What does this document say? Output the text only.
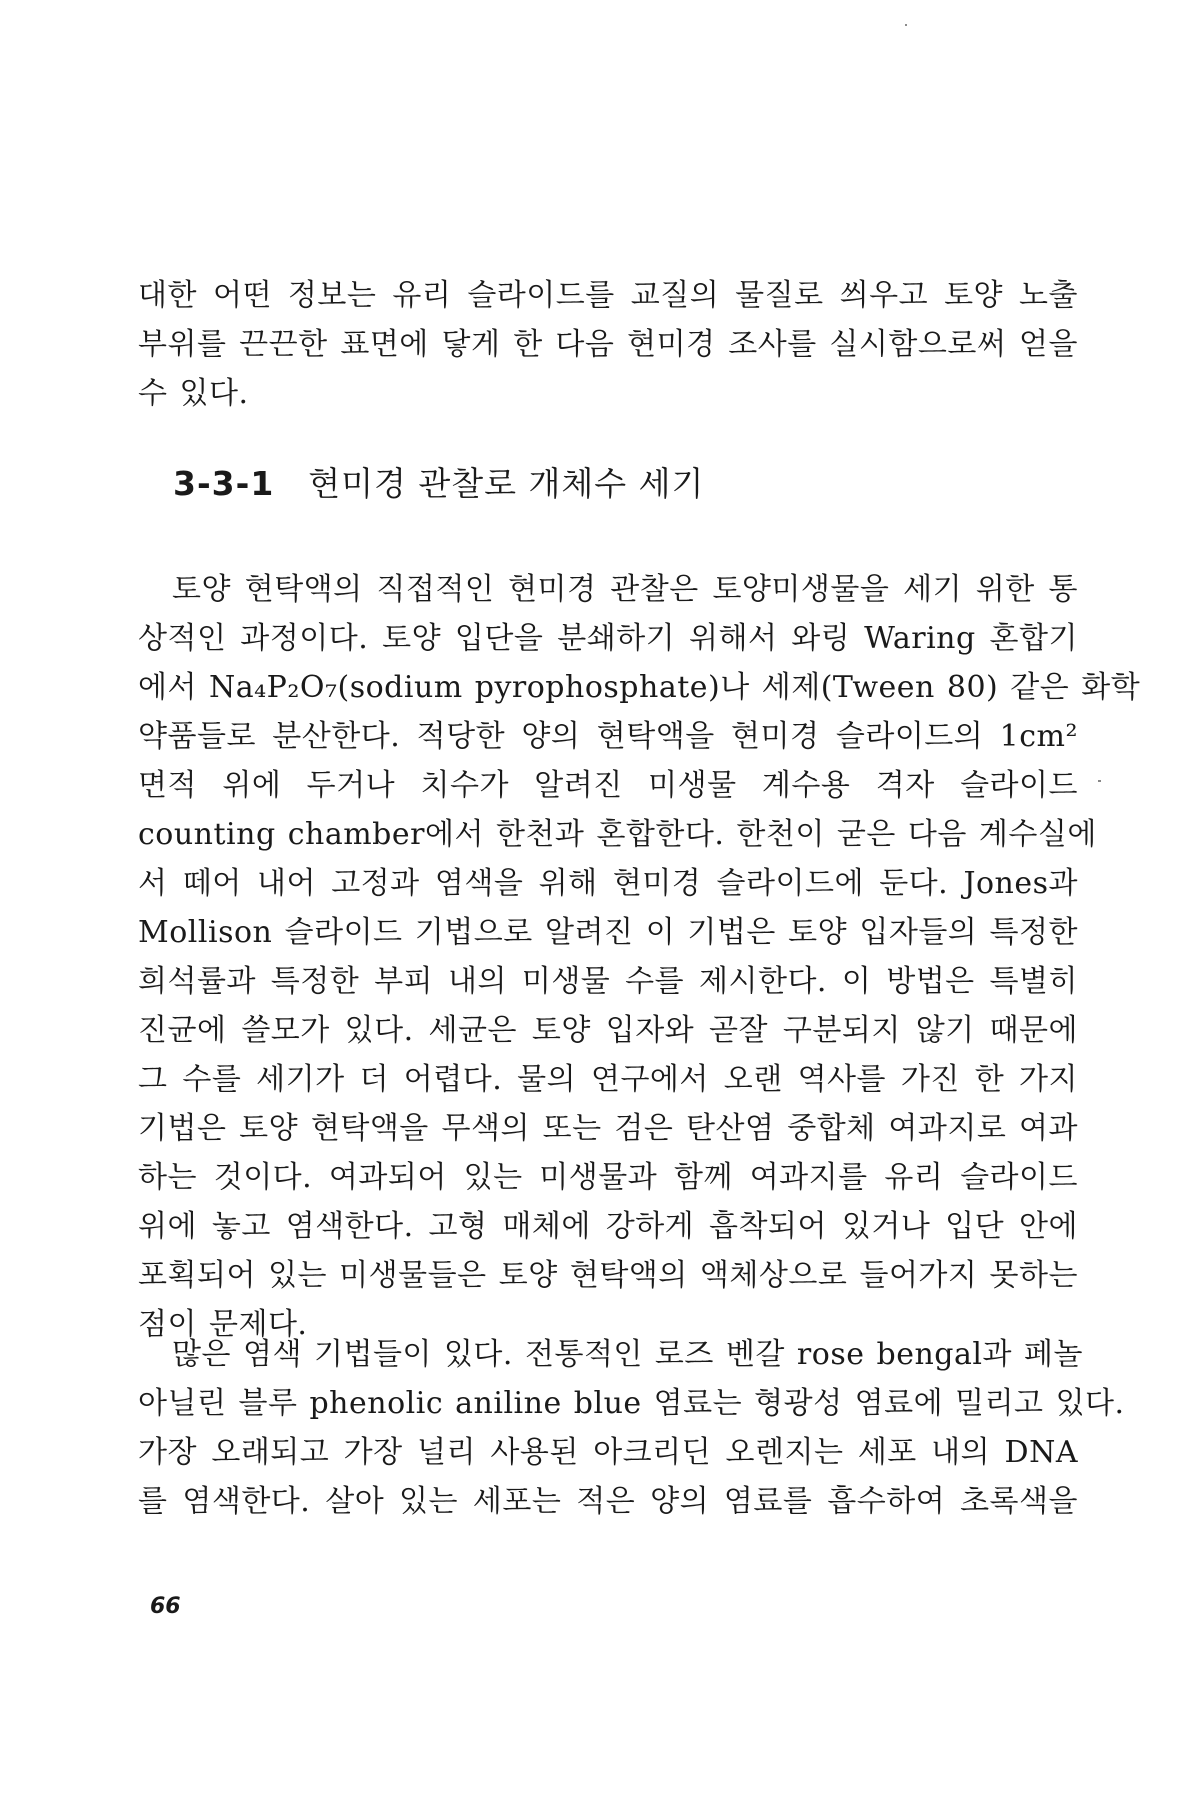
대한 어떤 정보는 유리 슬라이드를 교질의 물질로 씌우고 토양 노출
부위를 끈끈한 표면에 닿게 한 다음 현미경 조사를 실시함으로써 얻을
수 있다.
3-3-1 현미경 관찰로 개체수 세기
토양 현탁액의 직접적인 현미경 관찰은 토양미생물을 세기 위한 통
상적인 과정이다. 토양 입단을 분쇄하기 위해서 와링 Waring 혼합기
에서 Na₄P₂O₇(sodium pyrophosphate)나 세제(Tween 80) 같은 화학
약품들로 분산한다. 적당한 양의 현탁액을 현미경 슬라이드의 1cm²
면적 위에 두거나 치수가 알려진 미생물 계수용 격자 슬라이드
counting chamber에서 한천과 혼합한다. 한천이 굳은 다음 계수실에
서 떼어 내어 고정과 염색을 위해 현미경 슬라이드에 둔다. Jones과
Mollison 슬라이드 기법으로 알려진 이 기법은 토양 입자들의 특정한
희석률과 특정한 부피 내의 미생물 수를 제시한다. 이 방법은 특별히
진균에 쓸모가 있다. 세균은 토양 입자와 곧잘 구분되지 않기 때문에
그 수를 세기가 더 어렵다. 물의 연구에서 오랜 역사를 가진 한 가지
기법은 토양 현탁액을 무색의 또는 검은 탄산염 중합체 여과지로 여과
하는 것이다. 여과되어 있는 미생물과 함께 여과지를 유리 슬라이드
위에 놓고 염색한다. 고형 매체에 강하게 흡착되어 있거나 입단 안에
포획되어 있는 미생물들은 토양 현탁액의 액체상으로 들어가지 못하는
점이 문제다.
많은 염색 기법들이 있다. 전통적인 로즈 벤갈 rose bengal과 페놀
아닐린 블루 phenolic aniline blue 염료는 형광성 염료에 밀리고 있다.
가장 오래되고 가장 널리 사용된 아크리딘 오렌지는 세포 내의 DNA
를 염색한다. 살아 있는 세포는 적은 양의 염료를 흡수하여 초록색을
66
